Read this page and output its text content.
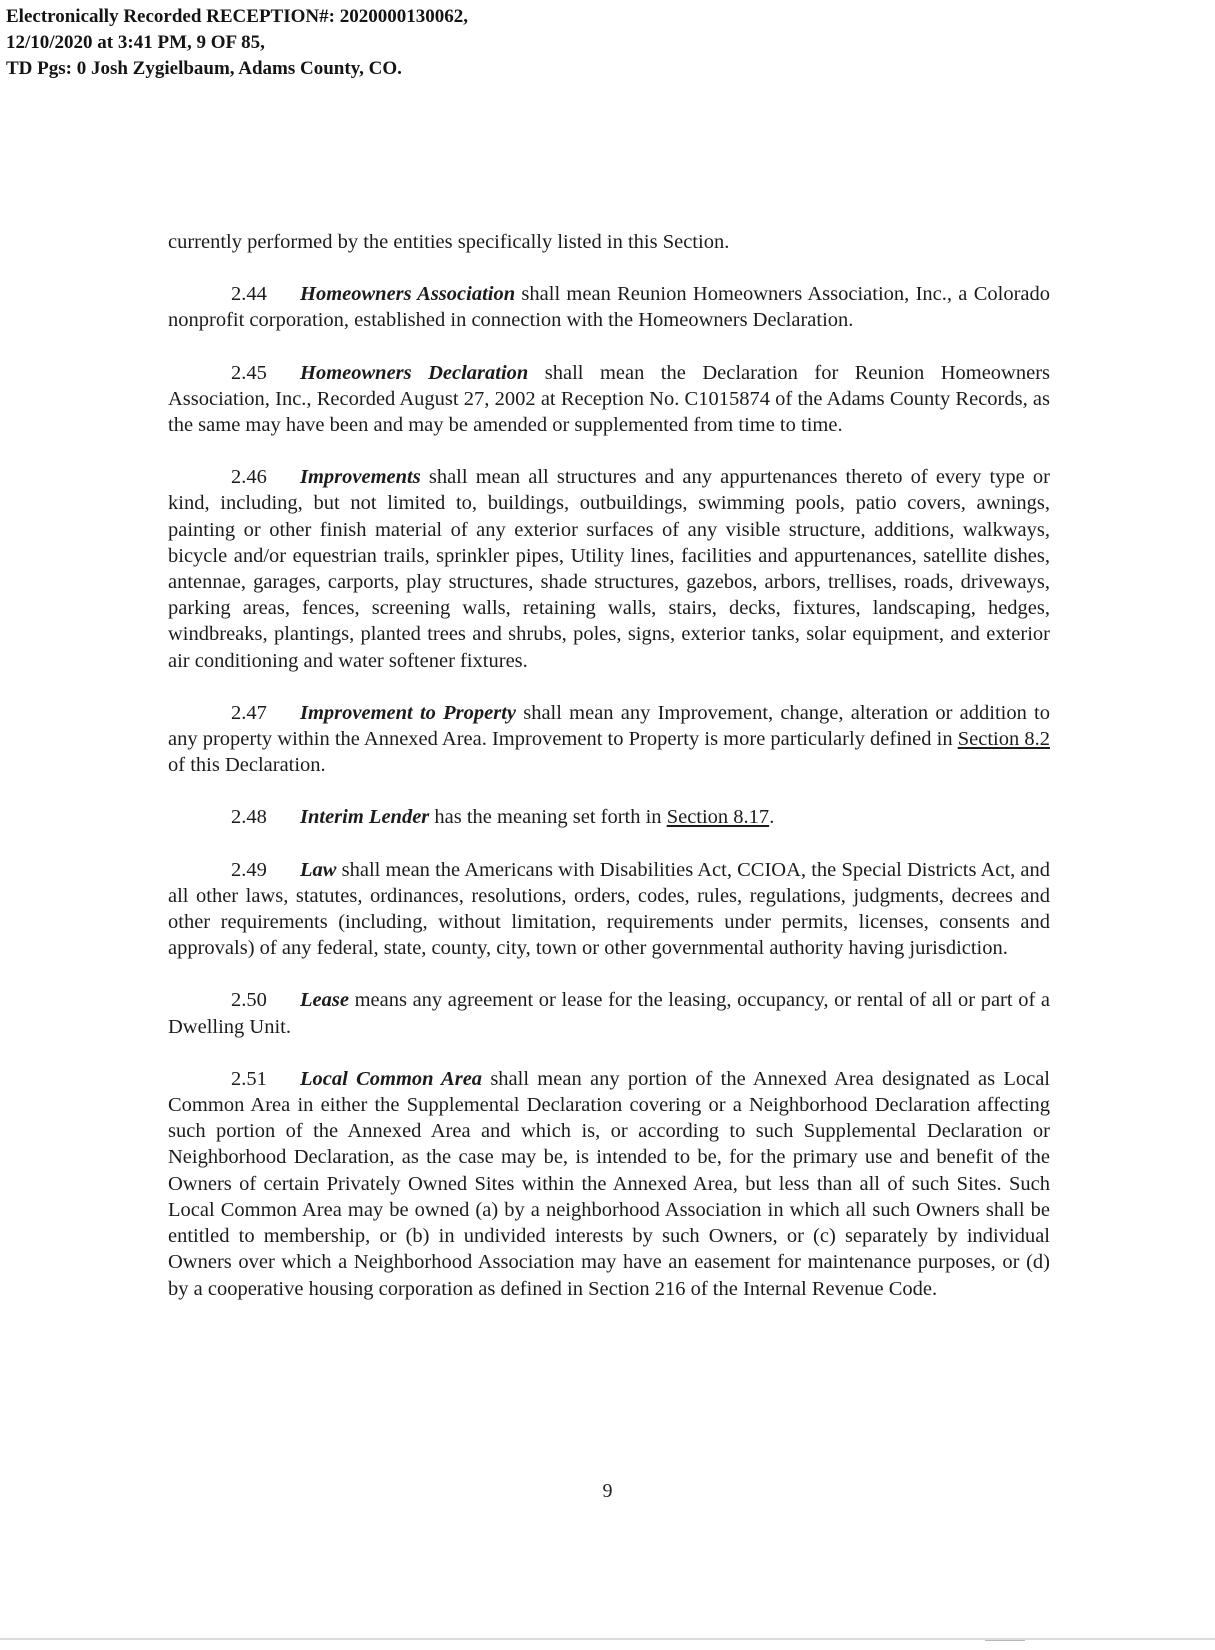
Electronically Recorded RECEPTION#: 2020000130062,
12/10/2020 at 3:41 PM, 9 OF 85,
TD Pgs: 0 Josh Zygielbaum, Adams County, CO.

currently performed by the entities specifically listed in this Section.

2.44 Homeowners Association shall mean Reunion Homeowners Association, Inc., a Colorado nonprofit corporation, established in connection with the Homeowners Declaration.

2.45 Homeowners Declaration shall mean the Declaration for Reunion Homeowners Association, Inc., Recorded August 27, 2002 at Reception No. C1015874 of the Adams County Records, as the same may have been and may be amended or supplemented from time to time.

2.46 Improvements shall mean all structures and any appurtenances thereto of every type or kind, including, but not limited to, buildings, outbuildings, swimming pools, patio covers, awnings, painting or other finish material of any exterior surfaces of any visible structure, additions, walkways, bicycle and/or equestrian trails, sprinkler pipes, Utility lines, facilities and appurtenances, satellite dishes, antennae, garages, carports, play structures, shade structures, gazebos, arbors, trellises, roads, driveways, parking areas, fences, screening walls, retaining walls, stairs, decks, fixtures, landscaping, hedges, windbreaks, plantings, planted trees and shrubs, poles, signs, exterior tanks, solar equipment, and exterior air conditioning and water softener fixtures.

2.47 Improvement to Property shall mean any Improvement, change, alteration or addition to any property within the Annexed Area. Improvement to Property is more particularly defined in Section 8.2 of this Declaration.

2.48 Interim Lender has the meaning set forth in Section 8.17.

2.49 Law shall mean the Americans with Disabilities Act, CCIOA, the Special Districts Act, and all other laws, statutes, ordinances, resolutions, orders, codes, rules, regulations, judgments, decrees and other requirements (including, without limitation, requirements under permits, licenses, consents and approvals) of any federal, state, county, city, town or other governmental authority having jurisdiction.

2.50 Lease means any agreement or lease for the leasing, occupancy, or rental of all or part of a Dwelling Unit.

2.51 Local Common Area shall mean any portion of the Annexed Area designated as Local Common Area in either the Supplemental Declaration covering or a Neighborhood Declaration affecting such portion of the Annexed Area and which is, or according to such Supplemental Declaration or Neighborhood Declaration, as the case may be, is intended to be, for the primary use and benefit of the Owners of certain Privately Owned Sites within the Annexed Area, but less than all of such Sites. Such Local Common Area may be owned (a) by a neighborhood Association in which all such Owners shall be entitled to membership, or (b) in undivided interests by such Owners, or (c) separately by individual Owners over which a Neighborhood Association may have an easement for maintenance purposes, or (d) by a cooperative housing corporation as defined in Section 216 of the Internal Revenue Code.

9
